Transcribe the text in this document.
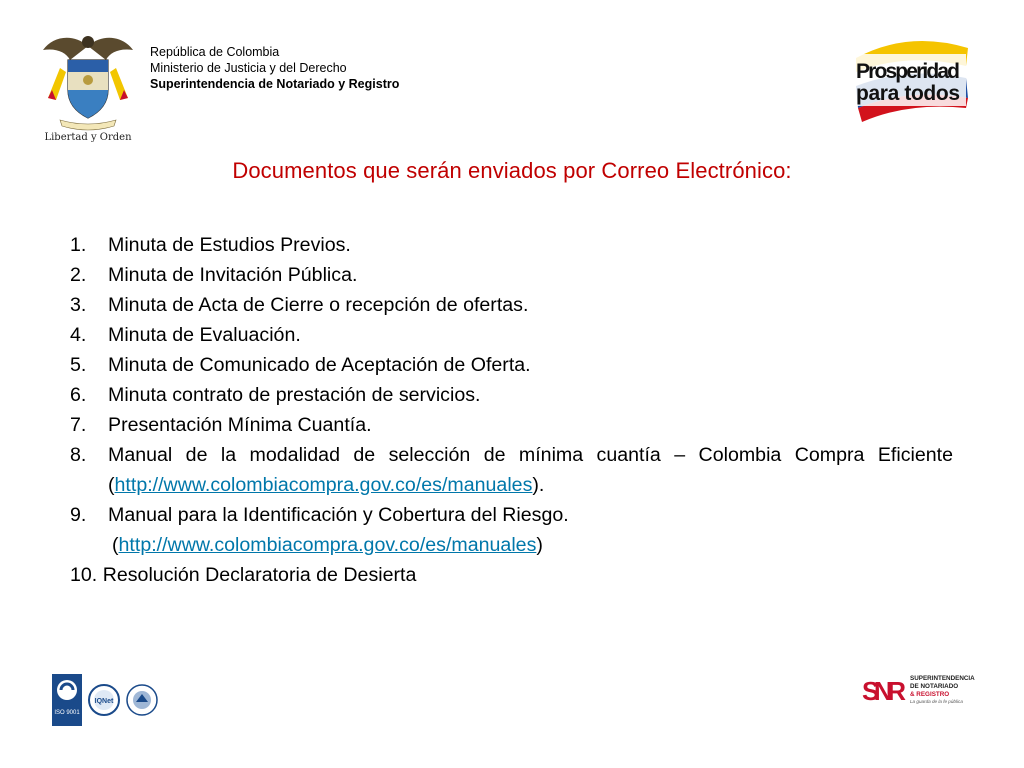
Libertad y Orden
República de Colombia
Ministerio de Justicia y del Derecho
Superintendencia de Notariado y Registro
Prosperidad
para todos
Documentos que serán enviados por Correo Electrónico:
1. Minuta de Estudios Previos.
2. Minuta de Invitación Pública.
3. Minuta de Acta de Cierre o recepción de ofertas.
4. Minuta de Evaluación.
5. Minuta de Comunicado de Aceptación de Oferta.
6. Minuta contrato de prestación de servicios.
7. Presentación Mínima Cuantía.
8. Manual de la modalidad de selección de mínima cuantía – Colombia Compra Eficiente (http://www.colombiacompra.gov.co/es/manuales).
9. Manual para la Identificación y Cobertura del Riesgo.
(http://www.colombiacompra.gov.co/es/manuales)
10. Resolución Declaratoria de Desierta
ISO 9001
IQNet	SNR SUPERINTENDENCIA
DE NOTARIADO
& REGISTRO
La guarda de la fe pública
